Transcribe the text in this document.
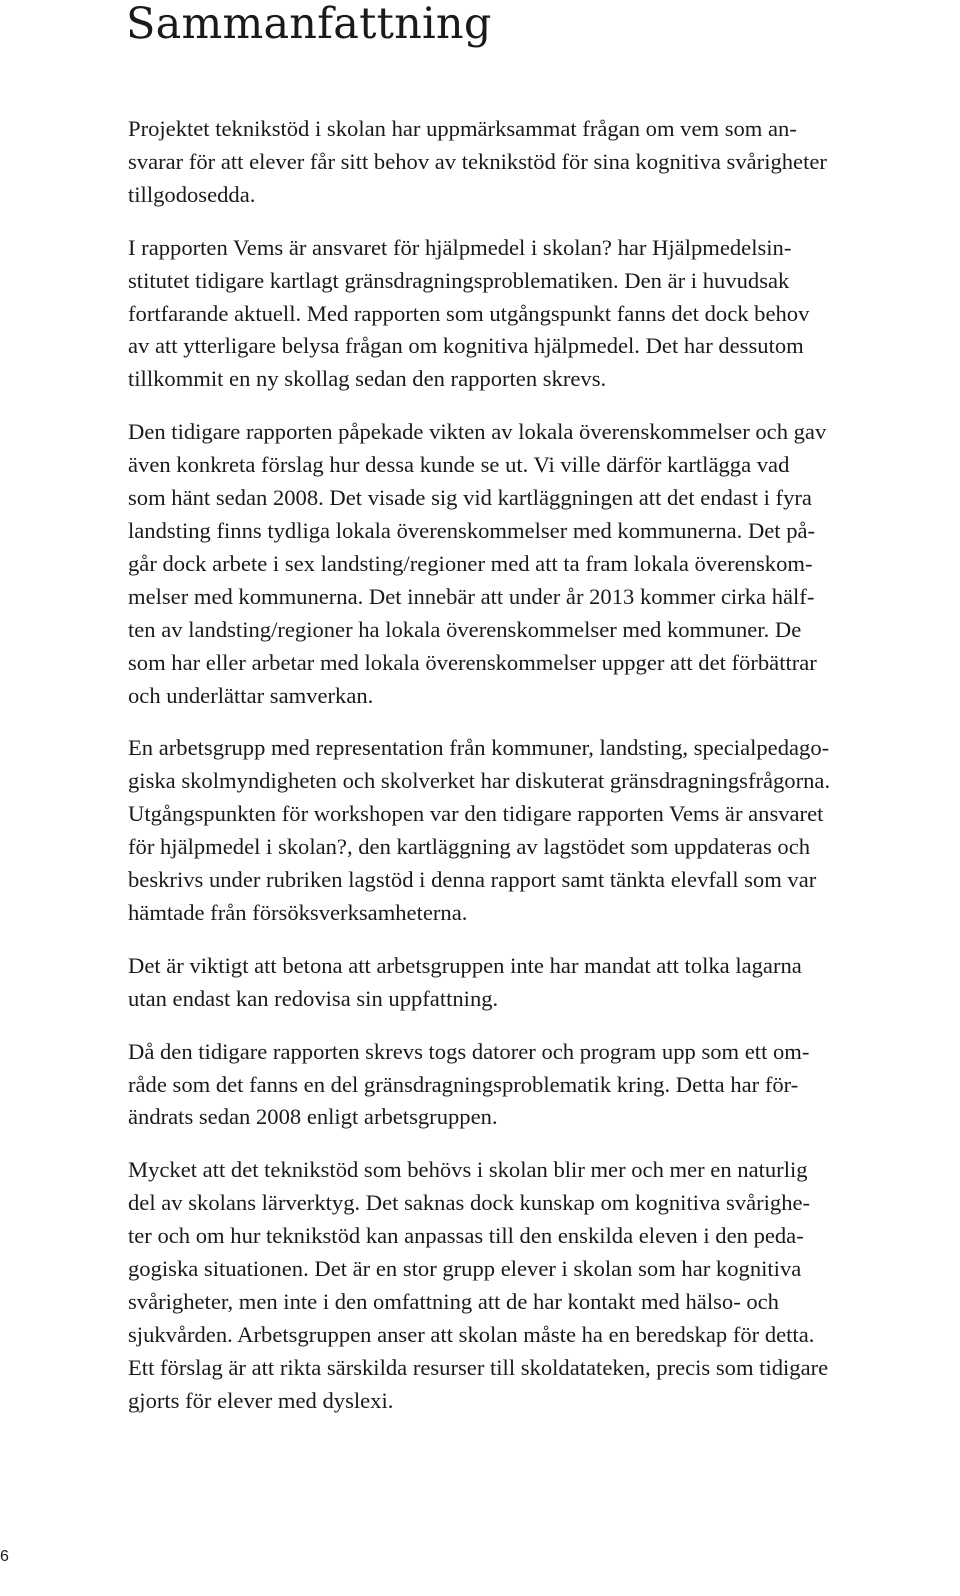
Sammanfattning

Projektet teknikstöd i skolan har uppmärksammat frågan om vem som an-
svarar för att elever får sitt behov av teknikstöd för sina kognitiva svårigheter
tillgodosedda.

I rapporten Vems är ansvaret för hjälpmedel i skolan? har Hjälpmedelsin-
stitutet tidigare kartlagt gränsdragningsproblematiken. Den är i huvudsak
fortfarande aktuell. Med rapporten som utgångspunkt fanns det dock behov
av att ytterligare belysa frågan om kognitiva hjälpmedel. Det har dessutom
tillkommit en ny skollag sedan den rapporten skrevs.

Den tidigare rapporten påpekade vikten av lokala överenskommelser och gav
även konkreta förslag hur dessa kunde se ut. Vi ville därför kartlägga vad
som hänt sedan 2008. Det visade sig vid kartläggningen att det endast i fyra
landsting finns tydliga lokala överenskommelser med kommunerna. Det på-
går dock arbete i sex landsting/regioner med att ta fram lokala överenskom-
melser med kommunerna. Det innebär att under år 2013 kommer cirka hälf-
ten av landsting/regioner ha lokala överenskommelser med kommuner. De
som har eller arbetar med lokala överenskommelser uppger att det förbättrar
och underlättar samverkan.

En arbetsgrupp med representation från kommuner, landsting, specialpedago-
giska skolmyndigheten och skolverket har diskuterat gränsdragningsfrågorna.
Utgångspunkten för workshopen var den tidigare rapporten Vems är ansvaret
för hjälpmedel i skolan?, den kartläggning av lagstödet som uppdateras och
beskrivs under rubriken lagstöd i denna rapport samt tänkta elevfall som var
hämtade från försöksverksamheterna.

Det är viktigt att betona att arbetsgruppen inte har mandat att tolka lagarna
utan endast kan redovisa sin uppfattning.

Då den tidigare rapporten skrevs togs datorer och program upp som ett om-
råde som det fanns en del gränsdragningsproblematik kring. Detta har för-
ändrats sedan 2008 enligt arbetsgruppen.

Mycket att det teknikstöd som behövs i skolan blir mer och mer en naturlig
del av skolans lärverktyg. Det saknas dock kunskap om kognitiva svårighe-
ter och om hur teknikstöd kan anpassas till den enskilda eleven i den peda-
gogiska situationen. Det är en stor grupp elever i skolan som har kognitiva
svårigheter, men inte i den omfattning att de har kontakt med hälso- och
sjukvården. Arbetsgruppen anser att skolan måste ha en beredskap för detta.
Ett förslag är att rikta särskilda resurser till skoldatateken, precis som tidigare
gjorts för elever med dyslexi.

6
